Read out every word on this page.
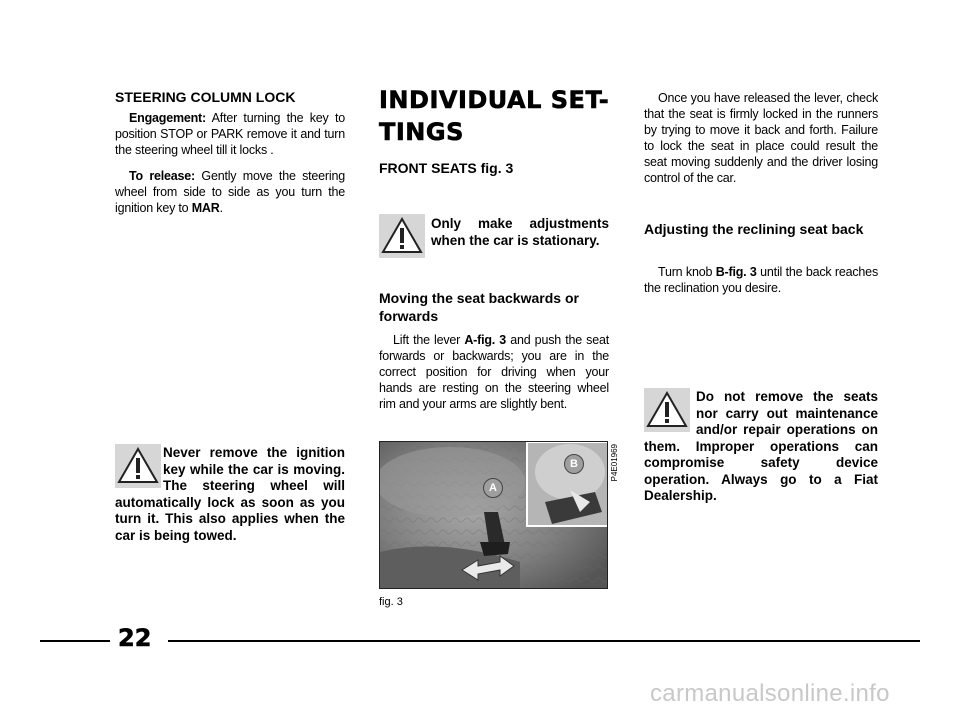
STEERING COLUMN LOCK

Engagement: After turning the key to position STOP or PARK remove it and turn the steering wheel till it locks .

To release: Gently move the steering wheel from side to side as you turn the ignition key to MAR.

Never remove the ignition key while the car is moving. The steering wheel will automatically lock as soon as you turn it. This also applies when the car is being towed.
INDIVIDUAL SET-
TINGS
FRONT SEATS fig. 3
Only make adjustments when the car is stationary.
Moving the seat backwards or forwards

Lift the lever A-fig. 3 and push the seat forwards or backwards; you are in the correct position for driving when your hands are resting on the steering wheel rim and your arms are slightly bent.

A
B	P4E01969
fig. 3

Once you have released the lever, check that the seat is firmly locked in the runners by trying to move it back and forth. Failure to lock the seat in place could result the seat moving suddenly and the driver losing control of the car.

Adjusting the reclining seat back

Turn knob B-fig. 3 until the back reaches the reclination you desire.

Do not remove the seats nor carry out maintenance and/or repair operations on them. Improper operations can compromise safety device operation. Always go to a Fiat Dealership.
22
carmanualsonline.info
